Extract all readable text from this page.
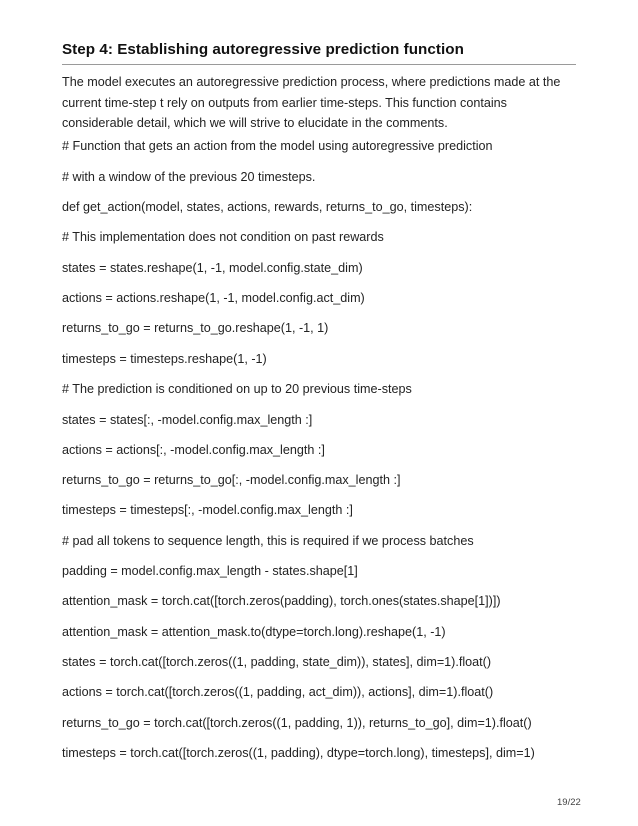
Step 4: Establishing autoregressive prediction function
The model executes an autoregressive prediction process, where predictions made at the current time-step t rely on outputs from earlier time-steps. This function contains considerable detail, which we will strive to elucidate in the comments.
# Function that gets an action from the model using autoregressive prediction
# with a window of the previous 20 timesteps.
def get_action(model, states, actions, rewards, returns_to_go, timesteps):
# This implementation does not condition on past rewards
states = states.reshape(1, -1, model.config.state_dim)
actions = actions.reshape(1, -1, model.config.act_dim)
returns_to_go = returns_to_go.reshape(1, -1, 1)
timesteps = timesteps.reshape(1, -1)
# The prediction is conditioned on up to 20 previous time-steps
states = states[:, -model.config.max_length :]
actions = actions[:, -model.config.max_length :]
returns_to_go = returns_to_go[:, -model.config.max_length :]
timesteps = timesteps[:, -model.config.max_length :]
# pad all tokens to sequence length, this is required if we process batches
padding = model.config.max_length - states.shape[1]
attention_mask = torch.cat([torch.zeros(padding), torch.ones(states.shape[1])])
attention_mask = attention_mask.to(dtype=torch.long).reshape(1, -1)
states = torch.cat([torch.zeros((1, padding, state_dim)), states], dim=1).float()
actions = torch.cat([torch.zeros((1, padding, act_dim)), actions], dim=1).float()
returns_to_go = torch.cat([torch.zeros((1, padding, 1)), returns_to_go], dim=1).float()
timesteps = torch.cat([torch.zeros((1, padding), dtype=torch.long), timesteps], dim=1)
19/22
